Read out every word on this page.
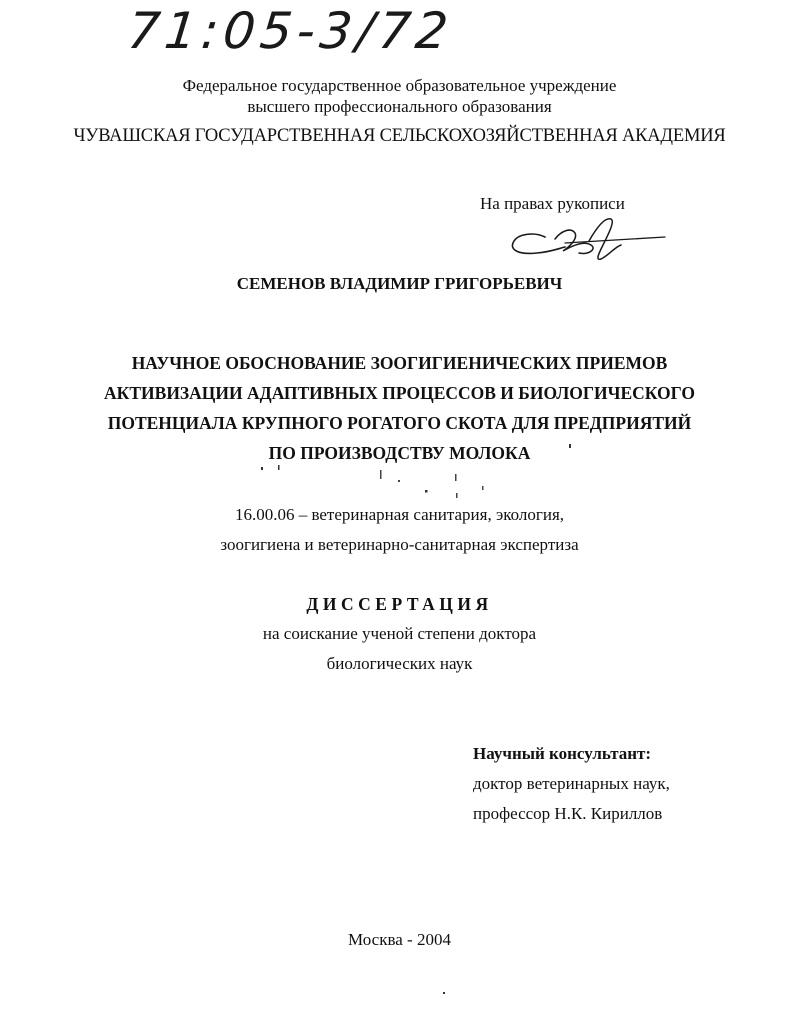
71:05-3/72
Федеральное государственное образовательное учреждение
высшего профессионального образования
ЧУВАШСКАЯ ГОСУДАРСТВЕННАЯ СЕЛЬСКОХОЗЯЙСТВЕННАЯ АКАДЕМИЯ
На правах рукописи
СЕМЕНОВ ВЛАДИМИР ГРИГОРЬЕВИЧ
НАУЧНОЕ ОБОСНОВАНИЕ ЗООГИГИЕНИЧЕСКИХ ПРИЕМОВ
АКТИВИЗАЦИИ АДАПТИВНЫХ ПРОЦЕССОВ И БИОЛОГИЧЕСКОГО
ПОТЕНЦИАЛА КРУПНОГО РОГАТОГО СКОТА ДЛЯ ПРЕДПРИЯТИЙ
ПО ПРОИЗВОДСТВУ МОЛОКА
16.00.06 – ветеринарная санитария, экология,
зоогигиена и ветеринарно-санитарная экспертиза
ДИССЕРТАЦИЯ
на соискание ученой степени доктора
биологических наук
Научный консультант:
доктор ветеринарных наук,
профессор Н.К. Кириллов
Москва - 2004
